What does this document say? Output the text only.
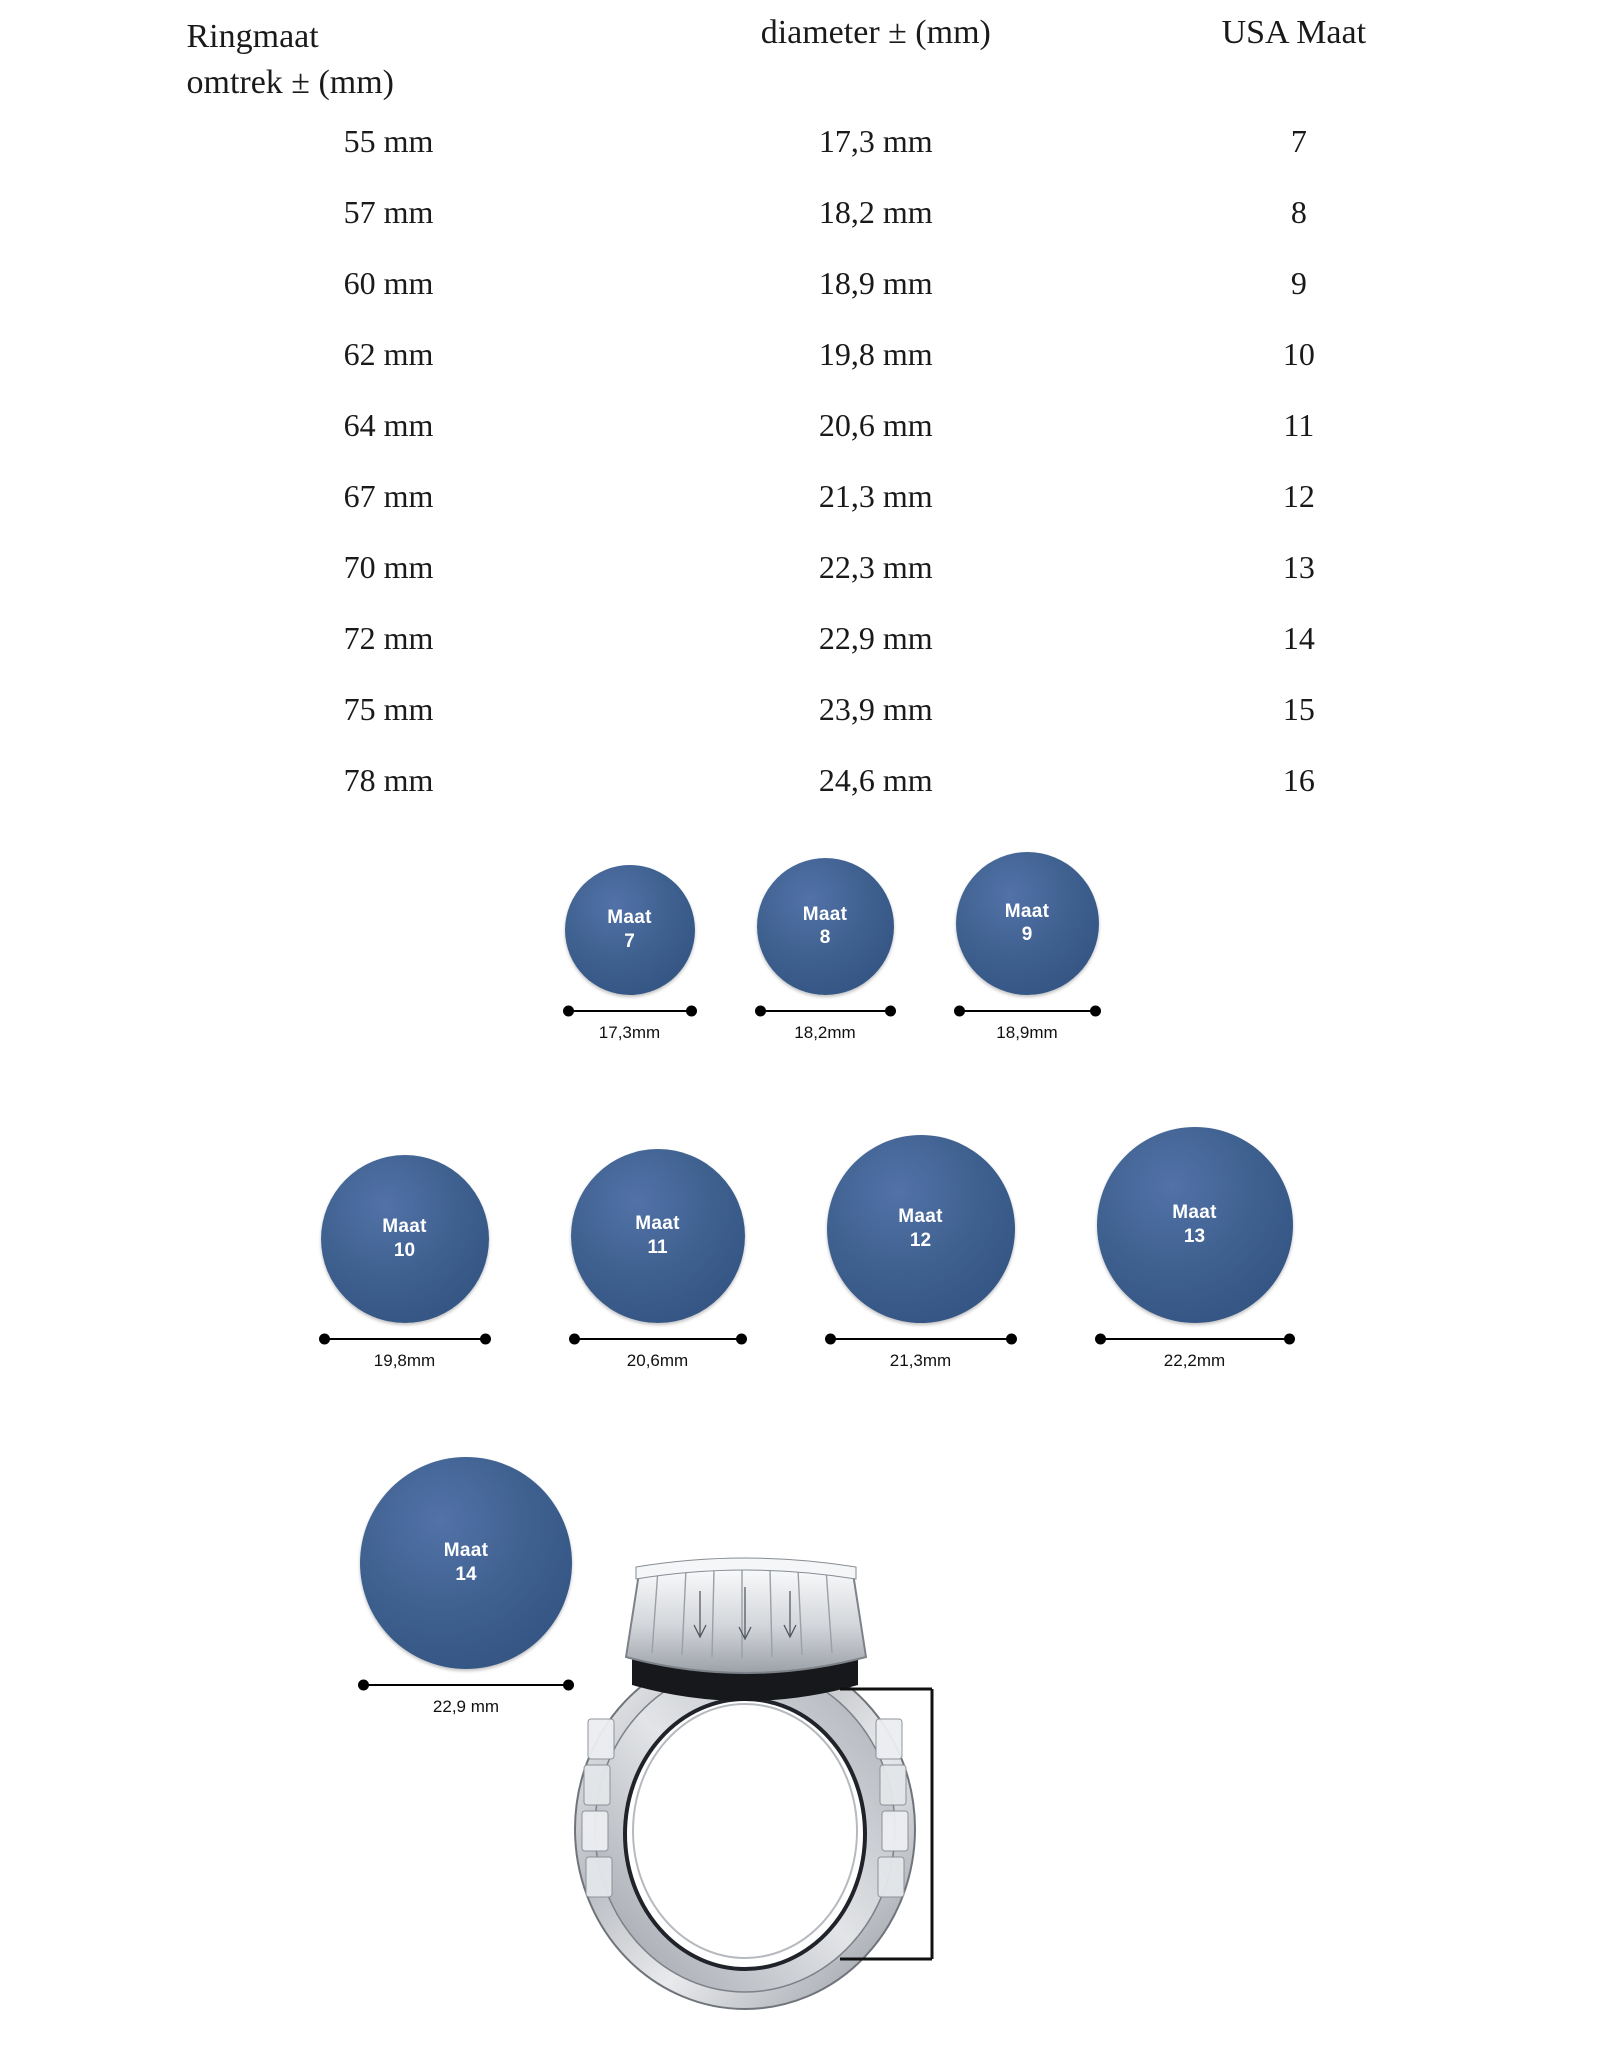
Ringmaat
omtrek ± (mm)	diameter ± (mm)	USA Maat
55 mm	17,3 mm	7
57 mm	18,2 mm	8
60 mm	18,9 mm	9
62 mm	19,8 mm	10
64 mm	20,6 mm	11
67 mm	21,3 mm	12
70 mm	22,3 mm	13
72 mm	22,9 mm	14
75 mm	23,9 mm	15
78 mm	24,6 mm	16
Maat
7
17,3mm
Maat
8
18,2mm
Maat
9
18,9mm
Maat
10
19,8mm
Maat
11
20,6mm
Maat
12
21,3mm
Maat
13
22,2mm
Maat
14
22,9 mm
